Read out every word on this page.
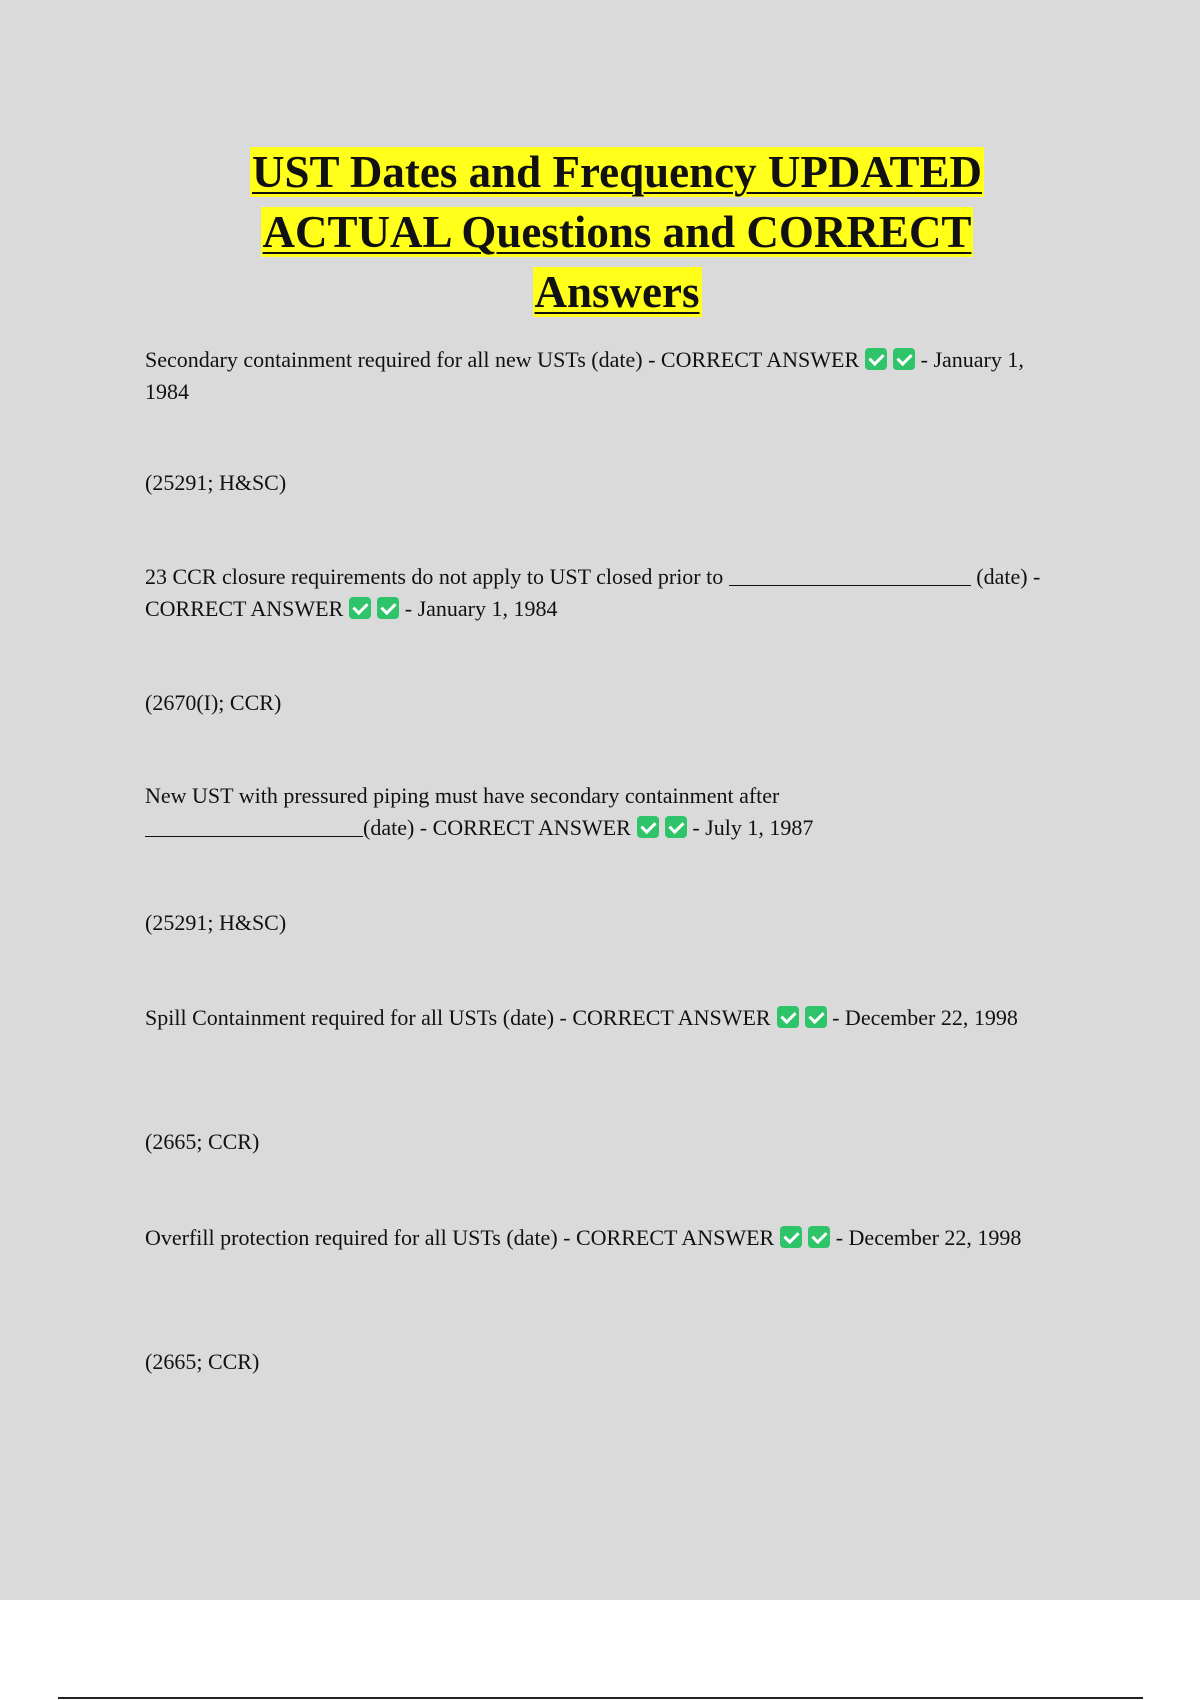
UST Dates and Frequency UPDATED
ACTUAL Questions and CORRECT
Answers

Secondary containment required for all new USTs (date) - CORRECT ANSWER	- January 1, 1984

(25291; H&SC)

23 CCR closure requirements do not apply to UST closed prior to	(date) - CORRECT ANSWER	- January 1, 1984

(2670(I); CCR)

New UST with pressured piping must have secondary containment after
(date) - CORRECT ANSWER	- July 1, 1987

(25291; H&SC)

Spill Containment required for all USTs (date) - CORRECT ANSWER	- December 22, 1998

(2665; CCR)

Overfill protection required for all USTs (date) - CORRECT ANSWER	- December 22, 1998

(2665; CCR)
